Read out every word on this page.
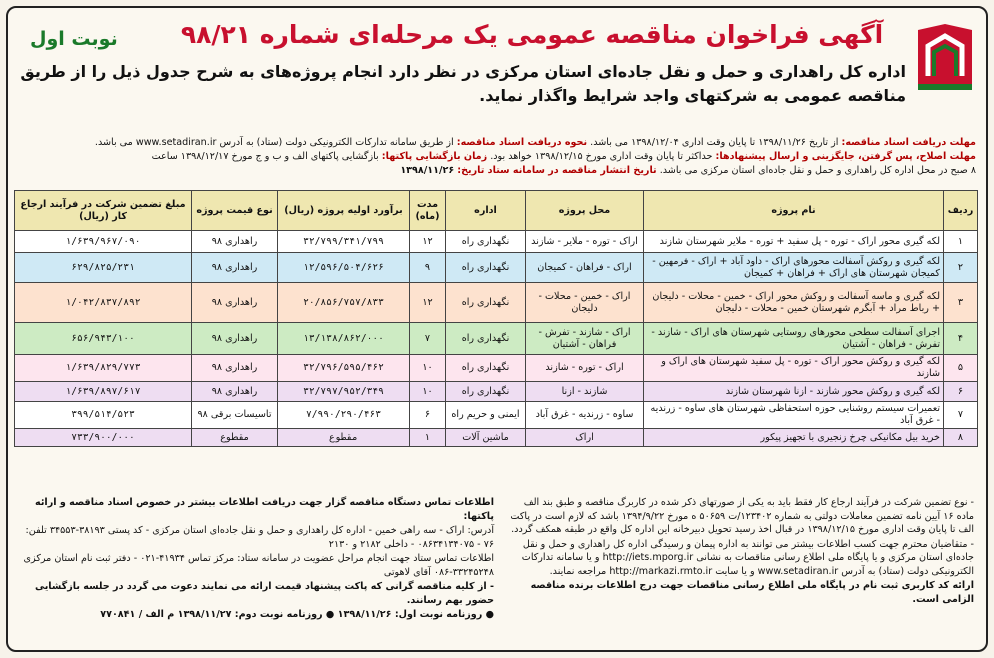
آگهی فراخوان مناقصه عمومی یک مرحله‌ای شماره ۹۸/۲۱
نوبت اول
اداره کل راهداری و حمل و نقل جاده‌ای استان مرکزی در نظر دارد انجام پروژه‌های به شرح جدول ذیل را از طریق مناقصه عمومی به شرکتهای واجد شرایط واگذار نماید.
مهلت دریافت اسناد مناقصه: از تاریخ ۱۳۹۸/۱۱/۲۶ تا پایان وقت اداری ۱۳۹۸/۱۲/۰۴ می باشد. نحوه دریافت اسناد مناقصه: از طریق سامانه تدارکات الکترونیکی دولت (ستاد) به آدرس www.setadiran.ir می باشد.
مهلت اصلاح، پس گرفتن، جایگزینی و ارسال پیشنهادها: حداکثر تا پایان وقت اداری مورخ ۱۳۹۸/۱۲/۱۵ خواهد بود. زمان بازگشایی پاکتها: بازگشایی پاکتهای الف و ب و ج مورخ ۱۳۹۸/۱۲/۱۷ ساعت
۸ صبح در محل اداره کل راهداری و حمل و نقل جاده‌ای استان مرکزی می باشد. تاریخ انتشار مناقصه در سامانه ستاد تاریخ: ۱۳۹۸/۱۱/۲۶
ردیف	نام پروژه	محل پروژه	اداره	مدت (ماه)	برآورد اولیه پروژه (ریال)	نوع قیمت پروژه	مبلغ تضمین شرکت در فرآیند ارجاع کار (ریال)
۱	لکه گیری محور اراک - توره - پل سفید + توره - ملایر شهرستان شازند	اراک - توره - ملایر - شازند	نگهداری راه	۱۲	۳۲/۷۹۹/۳۴۱/۷۹۹	راهداری ۹۸	۱/۶۳۹/۹۶۷/۰۹۰
۲	لکه گیری و روکش آسفالت محورهای اراک - داود آباد + اراک - فرمهین - کمیجان شهرستان های اراک + فراهان + کمیجان	اراک - فراهان - کمیجان	نگهداری راه	۹	۱۲/۵۹۶/۵۰۴/۶۲۶	راهداری ۹۸	۶۲۹/۸۲۵/۲۳۱
۳	لکه گیری و ماسه آسفالت و روکش محور اراک - خمین - محلات - دلیجان + رباط مراد + آبگرم شهرستان خمین - محلات - دلیجان	اراک - خمین - محلات - دلیجان	نگهداری راه	۱۲	۲۰/۸۵۶/۷۵۷/۸۳۳	راهداری ۹۸	۱/۰۴۲/۸۳۷/۸۹۲
۴	اجرای آسفالت سطحی محورهای روستایی شهرستان های اراک - شازند - تفرش - فراهان - آشتیان	اراک - شازند - تفرش - فراهان - آشتیان	نگهداری راه	۷	۱۳/۱۳۸/۸۶۲/۰۰۰	راهداری ۹۸	۶۵۶/۹۴۳/۱۰۰
۵	لکه گیری و روکش محور اراک - توره - پل سفید شهرستان های اراک و شازند	اراک - توره - شازند	نگهداری راه	۱۰	۳۲/۷۹۶/۵۹۵/۴۶۲	راهداری ۹۸	۱/۶۳۹/۸۲۹/۷۷۳
۶	لکه گیری و روکش محور شازند - ازنا شهرستان شازند	شازند - ازنا	نگهداری راه	۱۰	۳۲/۷۹۷/۹۵۲/۳۴۹	راهداری ۹۸	۱/۶۳۹/۸۹۷/۶۱۷
۷	تعمیرات سیستم روشنایی حوزه استحفاظی شهرستان های ساوه - زرندیه - غرق آباد	ساوه - زرندیه - غرق آباد	ایمنی و حریم راه	۶	۷/۹۹۰/۲۹۰/۴۶۳	تاسیسات برقی ۹۸	۳۹۹/۵۱۴/۵۲۳
۸	خرید بیل مکانیکی چرخ زنجیری با تجهیز پیکور	اراک	ماشین آلات	۱	مقطوع	مقطوع	۷۳۳/۹۰۰/۰۰۰

- نوع تضمین شرکت در فرآیند ارجاع کار فقط باید به یکی از صورتهای ذکر شده در کاربرگ مناقصه و طبق بند الف ماده ۱۶ آیین نامه تضمین معاملات دولتی به شماره ۱۲۳۴۰۲/ت ۵۰۶۵۹ ه مورخ ۱۳۹۴/۹/۲۲ باشد که لازم است در پاکت الف تا پایان وقت اداری مورخ ۱۳۹۸/۱۲/۱۵ در قبال اخذ رسید تحویل دبیرخانه این اداره کل واقع در طبقه همکف گردد.

- متقاضیان محترم جهت کسب اطلاعات بیشتر می توانند به اداره پیمان و رسیدگی اداره کل راهداری و حمل و نقل جاده‌ای استان مرکزی و یا پایگاه ملی اطلاع رسانی مناقصات به نشانی http://iets.mporg.ir و یا سامانه تدارکات الکترونیکی دولت (ستاد) به آدرس www.setadiran.ir و یا سایت http://markazi.rmto.ir مراجعه نمایند.

ارائه کد کاربری ثبت نام در پایگاه ملی اطلاع رسانی مناقصات جهت درج اطلاعات برنده مناقصه الزامی است.

اطلاعات تماس دستگاه مناقصه گزار جهت دریافت اطلاعات بیشتر در خصوص اسناد مناقصه و ارائه پاکتها:

آدرس: اراک - سه راهی خمین - اداره کل راهداری و حمل و نقل جاده‌ای استان مرکزی - کد پستی ۳۸۱۹۳-۳۴۵۵۳ تلفن: ۷۶ - ۰۸۶۳۴۱۳۴۰۷۵ - داخلی ۲۱۸۲ و ۲۱۳۰

اطلاعات تماس ستاد جهت انجام مراحل عضویت در سامانه ستاد: مرکز تماس ۴۱۹۳۴-۰۲۱ - دفتر ثبت نام استان مرکزی ۳۳۲۴۵۲۴۸-۰۸۶ آقای لاهوتی

- از کلیه مناقصه گرانی که پاکت پیشنهاد قیمت ارائه می نمایند دعوت می گردد در جلسه بازگشایی حضور بهم رسانند.

● روزنامه نوبت اول: ۱۳۹۸/۱۱/۲۶ ● روزنامه نوبت دوم: ۱۳۹۸/۱۱/۲۷ م الف / ۷۷۰۸۴۱
